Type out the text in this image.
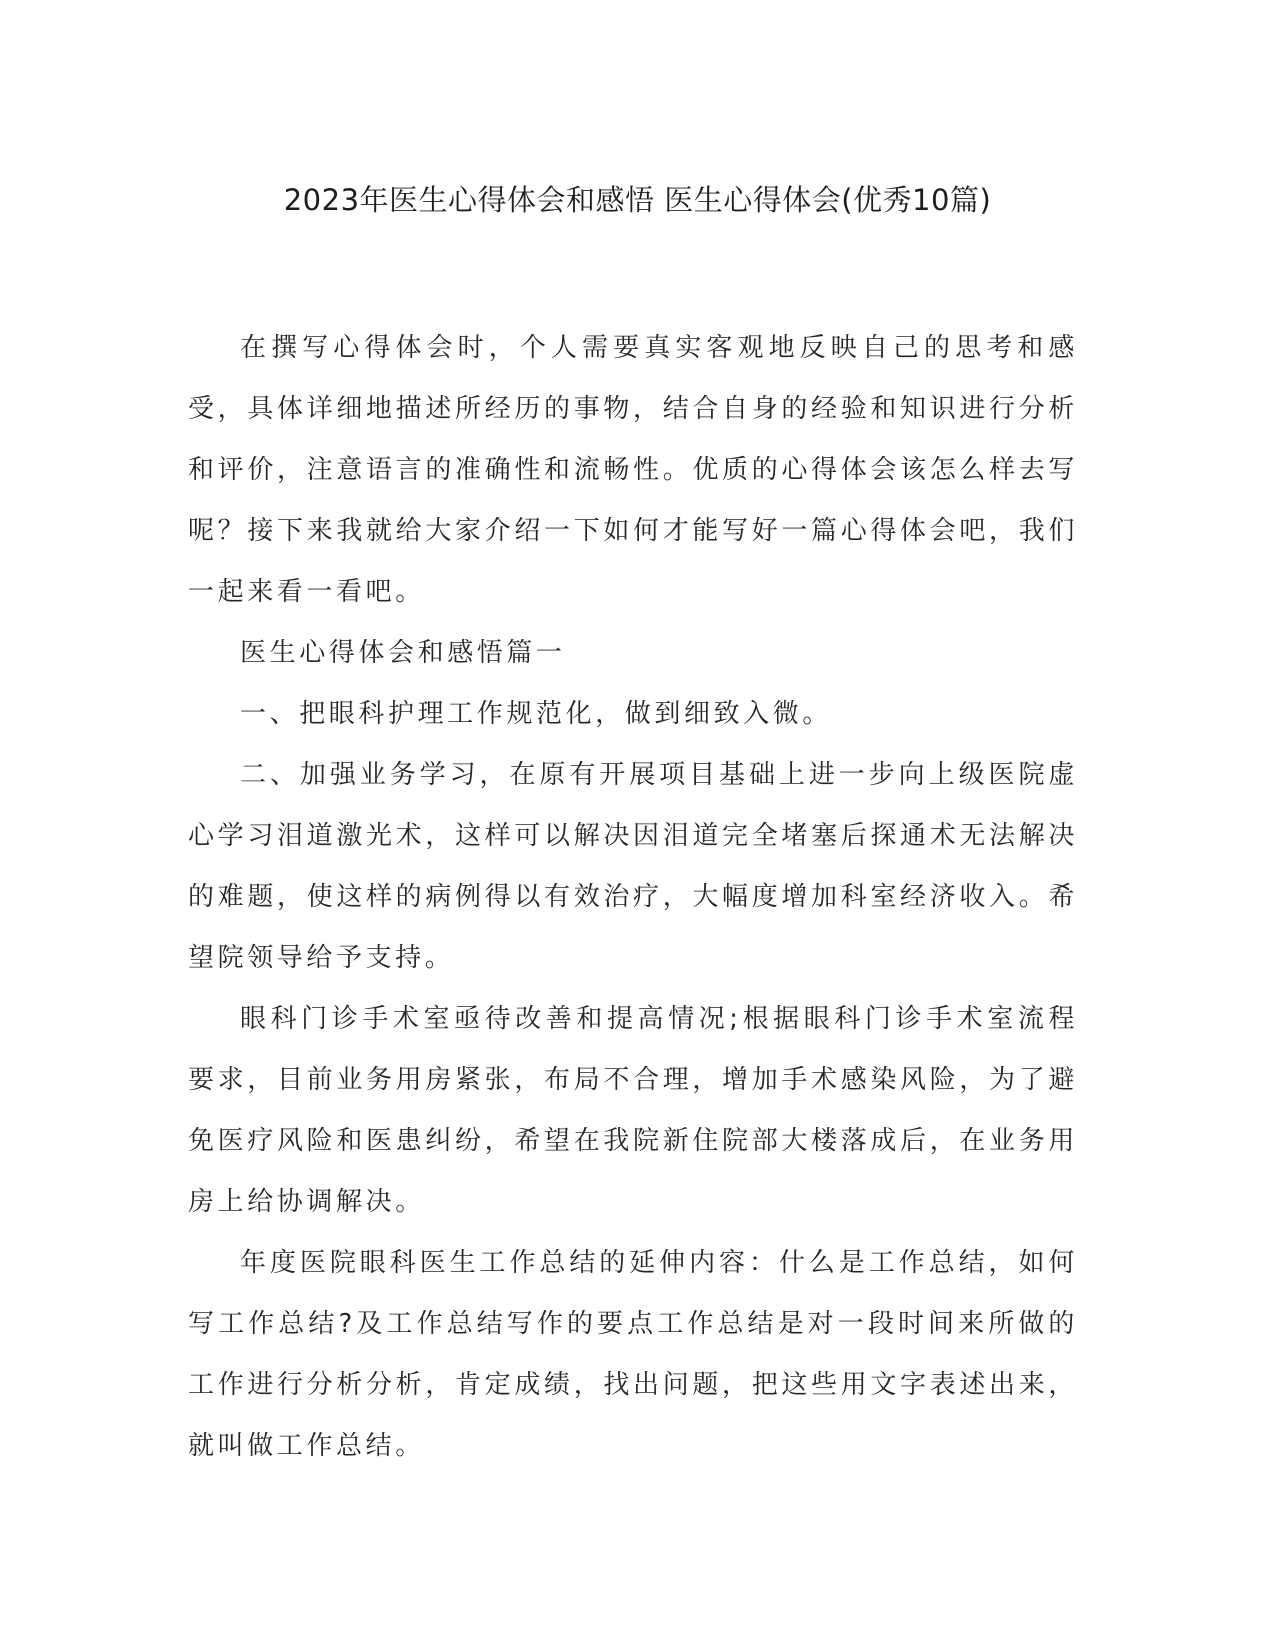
2023年医生心得体会和感悟 医生心得体会(优秀10篇)

在撰写心得体会时，个人需要真实客观地反映自己的思考和感受，具体详细地描述所经历的事物，结合自身的经验和知识进行分析和评价，注意语言的准确性和流畅性。优质的心得体会该怎么样去写呢？接下来我就给大家介绍一下如何才能写好一篇心得体会吧，我们一起来看一看吧。

医生心得体会和感悟篇一

一、把眼科护理工作规范化，做到细致入微。

二、加强业务学习，在原有开展项目基础上进一步向上级医院虚心学习泪道激光术，这样可以解决因泪道完全堵塞后探通术无法解决的难题，使这样的病例得以有效治疗，大幅度增加科室经济收入。希望院领导给予支持。

眼科门诊手术室亟待改善和提高情况;根据眼科门诊手术室流程要求，目前业务用房紧张，布局不合理，增加手术感染风险，为了避免医疗风险和医患纠纷，希望在我院新住院部大楼落成后，在业务用房上给协调解决。

年度医院眼科医生工作总结的延伸内容：什么是工作总结，如何写工作总结?及工作总结写作的要点工作总结是对一段时间来所做的工作进行分析分析，肯定成绩，找出问题，把这些用文字表述出来，就叫做工作总结。
